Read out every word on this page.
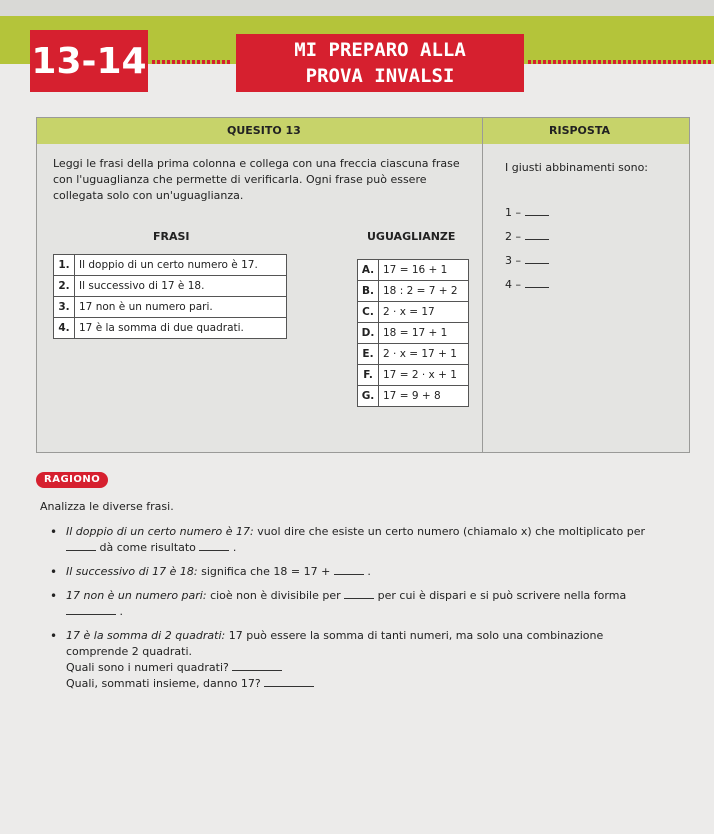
13-14	MI PREPARO ALLA
PROVA INVALSI
QUESITO 13	RISPOSTA
Leggi le frasi della prima colonna e collega con una freccia ciascuna frase con l'uguaglianza che permette di verificarla. Ogni frase può essere collegata solo con un'uguaglianza.
FRASI	UGUAGLIANZE
1.	Il doppio di un certo numero è 17.
2.	Il successivo di 17 è 18.
3.	17 non è un numero pari.
4.	17 è la somma di due quadrati.
A.	17 = 16 + 1
B.	18 : 2 = 7 + 2
C.	2 · x = 17
D.	18 = 17 + 1
E.	2 · x = 17 + 1
F.	17 = 2 · x + 1
G.	17 = 9 + 8
I giusti abbinamenti sono:
1 –
2 –
3 –
4 –
RAGIONO
Analizza le diverse frasi.
• Il doppio di un certo numero è 17: vuol dire che esiste un certo numero (chiamalo x) che moltiplicato per  dà come risultato	.
• Il successivo di 17 è 18: significa che 18 = 17 +	.
• 17 non è un numero pari: cioè non è divisibile per	per cui è dispari e si può scrivere nella forma  .
• 17 è la somma di 2 quadrati: 17 può essere la somma di tanti numeri, ma solo una combinazione comprende 2 quadrati.
Quali sono i numeri quadrati?
Quali, sommati insieme, danno 17?
